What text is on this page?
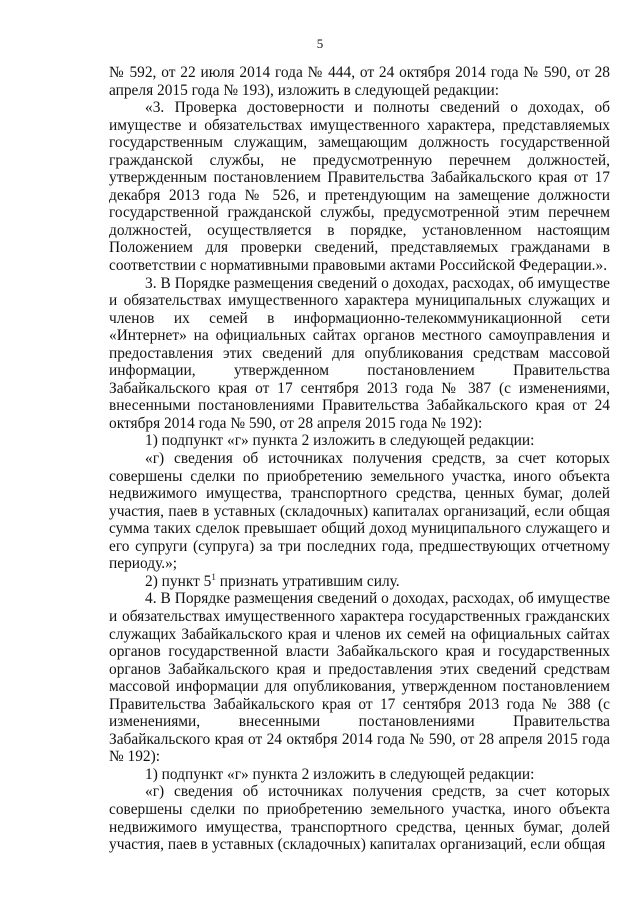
5

№ 592, от 22 июля 2014 года № 444, от 24 октября 2014 года № 590, от 28 апреля 2015 года № 193), изложить в следующей редакции:

«3. Проверка достоверности и полноты сведений о доходах, об имуществе и обязательствах имущественного характера, представляемых государственным служащим, замещающим должность государственной гражданской службы, не предусмотренную перечнем должностей, утвержденным постановлением Правительства Забайкальского края от 17 декабря 2013 года № 526, и претендующим на замещение должности государственной гражданской службы, предусмотренной этим перечнем должностей, осуществляется в порядке, установленном настоящим Положением для проверки сведений, представляемых гражданами в соответствии с нормативными правовыми актами Российской Федерации.».

3. В Порядке размещения сведений о доходах, расходах, об имуществе и обязательствах имущественного характера муниципальных служащих и членов их семей в информационно-телекоммуникационной сети «Интернет» на официальных сайтах органов местного самоуправления и предоставления этих сведений для опубликования средствам массовой информации, утвержденном постановлением Правительства Забайкальского края от 17 сентября 2013 года № 387 (с изменениями, внесенными постановлениями Правительства Забайкальского края от 24 октября 2014 года № 590, от 28 апреля 2015 года № 192):

1) подпункт «г» пункта 2 изложить в следующей редакции:

«г) сведения об источниках получения средств, за счет которых совершены сделки по приобретению земельного участка, иного объекта недвижимого имущества, транспортного средства, ценных бумаг, долей участия, паев в уставных (складочных) капиталах организаций, если общая сумма таких сделок превышает общий доход муниципального служащего и его супруги (супруга) за три последних года, предшествующих отчетному периоду.»;

2) пункт $5^1$ признать утратившим силу.

4. В Порядке размещения сведений о доходах, расходах, об имуществе и обязательствах имущественного характера государственных гражданских служащих Забайкальского края и членов их семей на официальных сайтах органов государственной власти Забайкальского края и государственных органов Забайкальского края и предоставления этих сведений средствам массовой информации для опубликования, утвержденном постановлением Правительства Забайкальского края от 17 сентября 2013 года № 388 (с изменениями, внесенными постановлениями Правительства Забайкальского края от 24 октября 2014 года № 590, от 28 апреля 2015 года № 192):

1) подпункт «г» пункта 2 изложить в следующей редакции:

«г) сведения об источниках получения средств, за счет которых совершены сделки по приобретению земельного участка, иного объекта недвижимого имущества, транспортного средства, ценных бумаг, долей участия, паев в уставных (складочных) капиталах организаций, если общая
